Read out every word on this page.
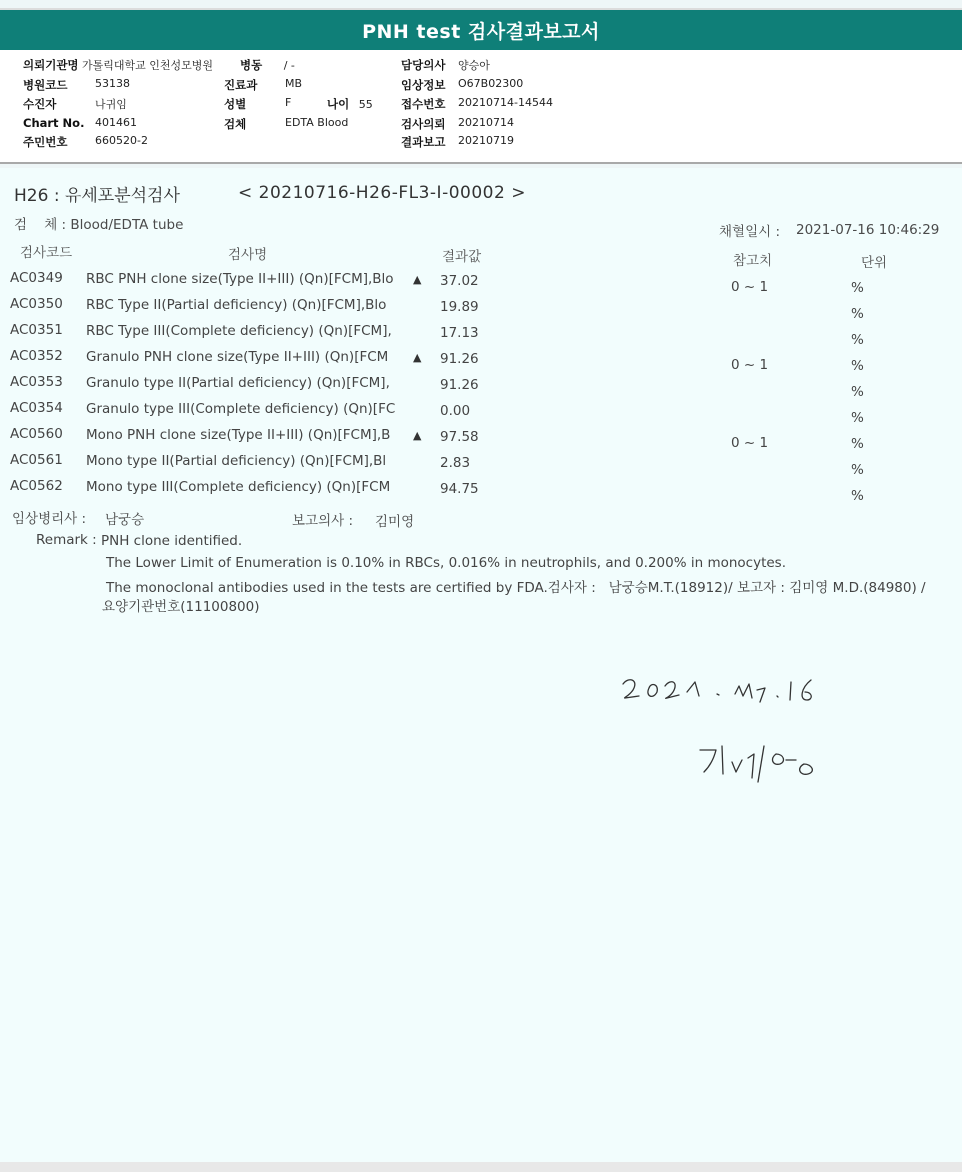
PNH test 검사결과보고서
의뢰기관명 가톨릭대학교 인천성모병원 병동 / -
병원코드	53138
수진자	나귀임
Chart No. 401461
주민번호	660520-2
진료과	MB
성별	F	나이 55
검체	EDTA Blood
담당의사 양승아
임상정보 O67B02300
접수번호 20210714-14544
검사의뢰 20210714
결과보고 20210719
H26 : 유세포분석검사	< 20210716-H26-FL3-I-00002 >
검    체 : Blood/EDTA tube	채혈일시 : 2021-07-16 10:46:29
검사코드	검사명	결과값	참고치	단위
AC0349 RBC PNH clone size(Type II+III) (Qn)[FCM],Blo ▲ 37.02	0 ~ 1	%
AC0350 RBC Type II(Partial deficiency) (Qn)[FCM],Blo	19.89	%
AC0351 RBC Type III(Complete deficiency) (Qn)[FCM],	17.13	%
AC0352 Granulo PNH clone size(Type II+III) (Qn)[FCM ▲ 91.26	0 ~ 1	%
AC0353 Granulo type II(Partial deficiency) (Qn)[FCM],	91.26	%
AC0354 Granulo type III(Complete deficiency) (Qn)[FC	0.00	%
AC0560 Mono PNH clone size(Type II+III) (Qn)[FCM],B ▲ 97.58	0 ~ 1	%
AC0561 Mono type II(Partial deficiency) (Qn)[FCM],Bl	2.83	%
AC0562 Mono type III(Complete deficiency) (Qn)[FCM	94.75	%
임상병리사 : 남궁승	보고의사 : 김미영
Remark : PNH clone identified.
The Lower Limit of Enumeration is 0.10% in RBCs, 0.016% in neutrophils, and 0.200% in monocytes.
The monoclonal antibodies used in the tests are certified by FDA.검사자 :   남궁승M.T.(18912)/ 보고자 : 김미영 M.D.(84980) /
요양기관번호(11100800)
